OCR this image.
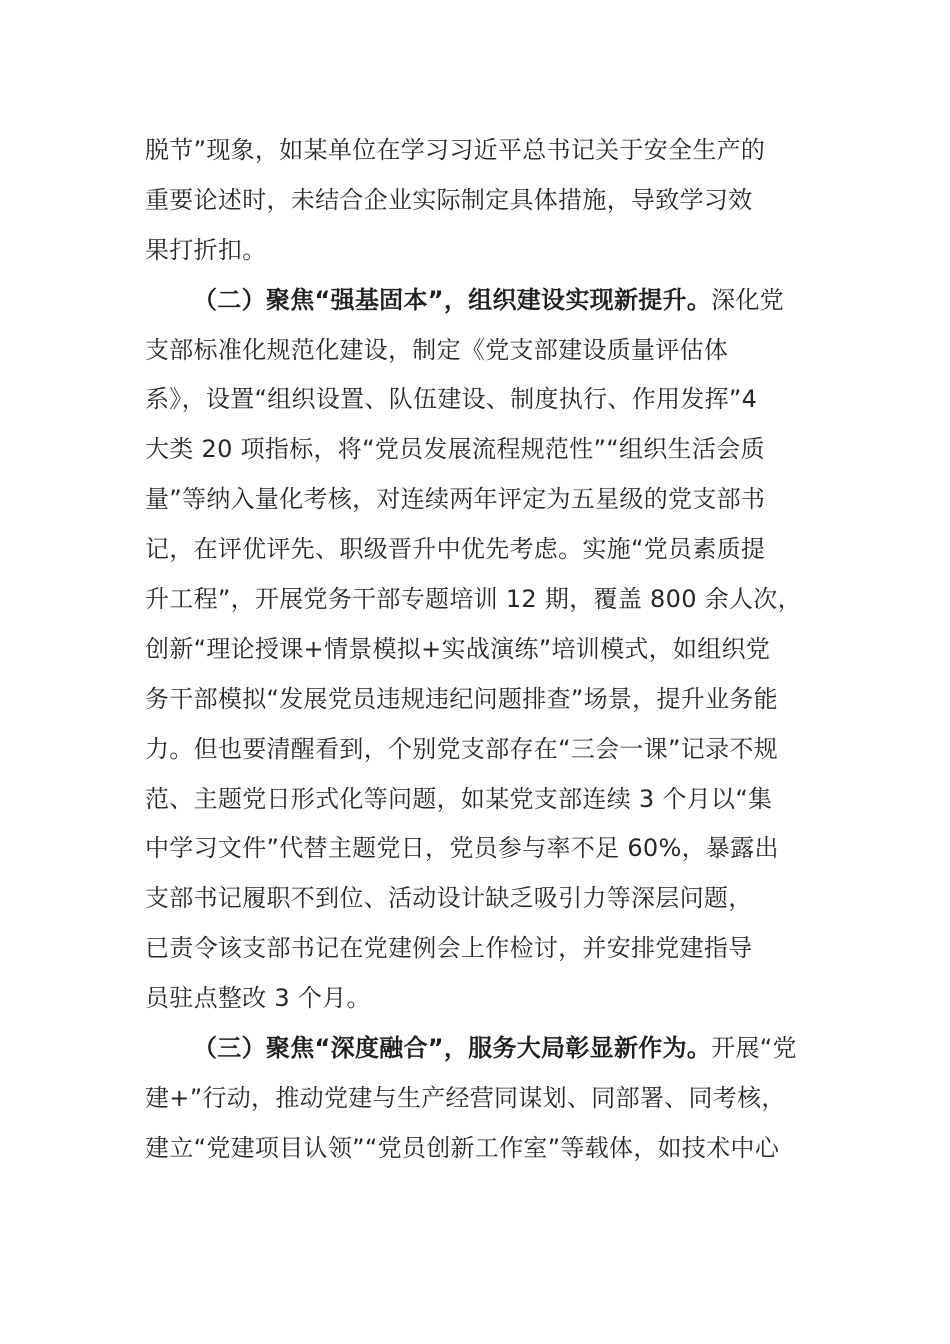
脱节”现象，如某单位在学习习近平总书记关于安全生产的
重要论述时，未结合企业实际制定具体措施，导致学习效
果打折扣。
（二）聚焦“强基固本”，组织建设实现新提升。深化党
支部标准化规范化建设，制定《党支部建设质量评估体
系》，设置“组织设置、队伍建设、制度执行、作用发挥”4
大类 20 项指标，将“党员发展流程规范性”“组织生活会质
量”等纳入量化考核，对连续两年评定为五星级的党支部书
记，在评优评先、职级晋升中优先考虑。实施“党员素质提
升工程”，开展党务干部专题培训 12 期，覆盖 800 余人次，
创新“理论授课+情景模拟+实战演练”培训模式，如组织党
务干部模拟“发展党员违规违纪问题排查”场景，提升业务能
力。但也要清醒看到，个别党支部存在“三会一课”记录不规
范、主题党日形式化等问题，如某党支部连续 3 个月以“集
中学习文件”代替主题党日，党员参与率不足 60%，暴露出
支部书记履职不到位、活动设计缺乏吸引力等深层问题，
已责令该支部书记在党建例会上作检讨，并安排党建指导
员驻点整改 3 个月。
（三）聚焦“深度融合”，服务大局彰显新作为。开展“党
建+”行动，推动党建与生产经营同谋划、同部署、同考核，
建立“党建项目认领”“党员创新工作室”等载体，如技术中心
